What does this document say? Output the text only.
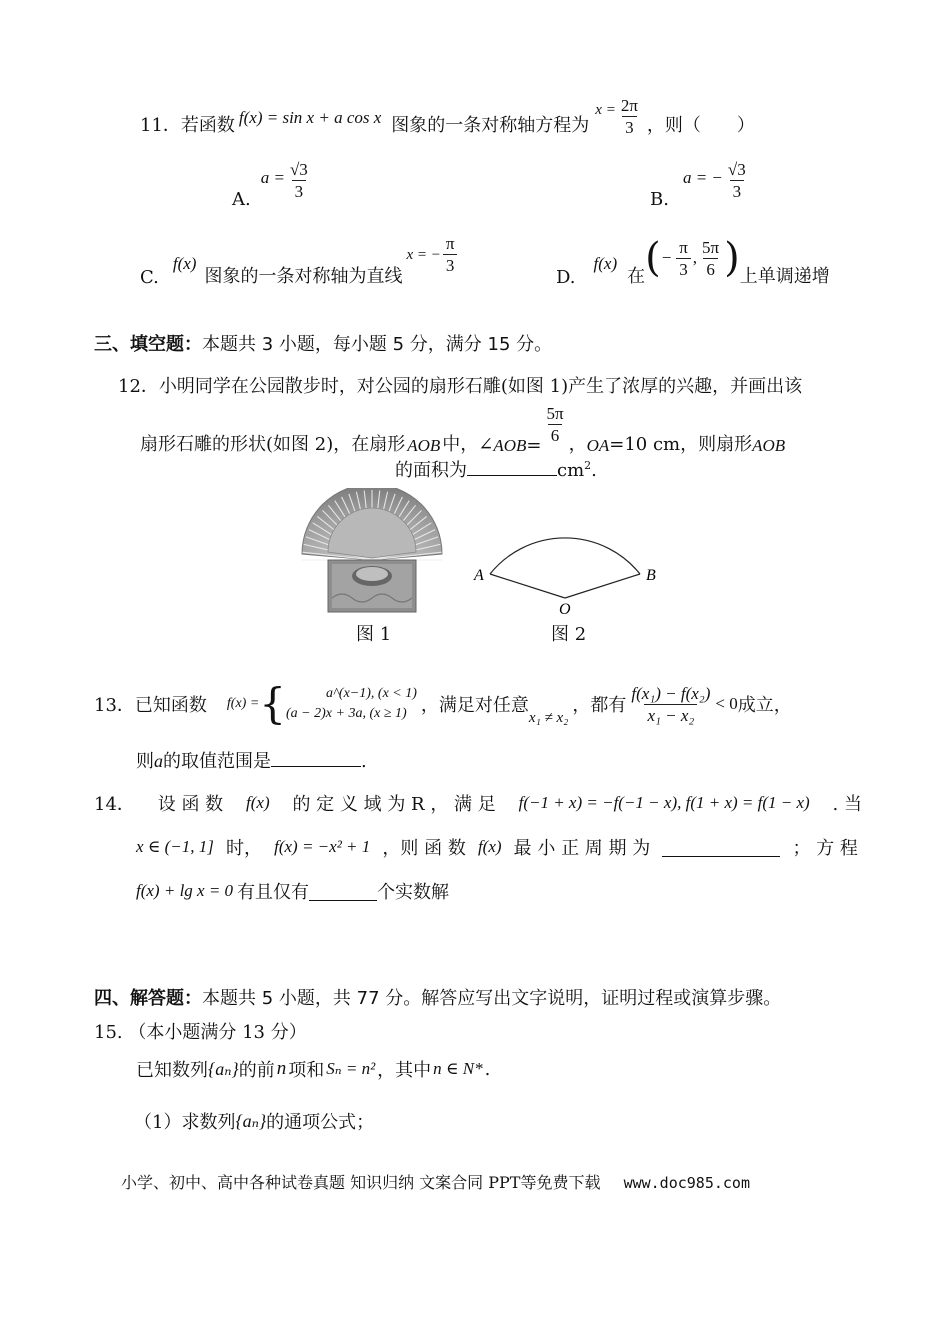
11． 若函数 f(x) = sin x + a cos x 图象的一条对称轴方程为
$x = \frac{2\pi}{3}$ ，则（　　）
A.
$a = \frac{√3}{3}$	B.
a = − $\frac{√3}{3}$
C.
f(x)
图象的一条对称轴为直线
x = − $\frac{\pi}{3}$
D.
f(x)
在 ( − $\frac{\pi}{3}$ , $\frac{5\pi}{6}$ ) 上单调递增
三、填空题：本题共 3 小题，每小题 5 分，满分 15 分。
12．小明同学在公园散步时，对公园的扇形石雕(如图 1)产生了浓厚的兴趣，并画出该
扇形石雕的形状(如图 2)，在扇形 AOB 中，∠ AOB =
$\frac{5\pi}{6}$
， OA =10 cm，则扇形 AOB
的面积为	$cm^2$.
A	B
O
图 1	图 2
13． 已知函数 f(x) = {	a^(x−1), (x < 1)
(a − 2)x + 3a, (x ≥ 1) ，满足对任意
x₁ ≠ x₂
，都有 $\frac{\text{f(x₁) − f(x₂)}}{\text{x₁ − x₂}} < 0$ 成立，
则a的取值范围是	.
14． 设 函 数 f(x) 的 定 义 域 为 R ， 满 足 f(−1 + x) = −f(−1 − x), f(1 + x) = f(1 − x) . 当
x ∈ (−1, 1] 时， f(x) = −x² + 1 ，则 函 数 f(x) 最 小 正 周 期 为	； 方 程
f(x) + lg x = 0 有且仅有	个实数解
四、解答题：本题共 5 小题，共 77 分。解答应写出文字说明，证明过程或演算步骤。
15. （本小题满分 13 分）
已知数列 {aₙ} 的前 n 项和 Sₙ = n² ，其中 n ∈ N* .
（1）求数列 {aₙ} 的通项公式；
小学、初中、高中各种试卷真题 知识归纳 文案合同 PPT等免费下载 www.doc985.com
